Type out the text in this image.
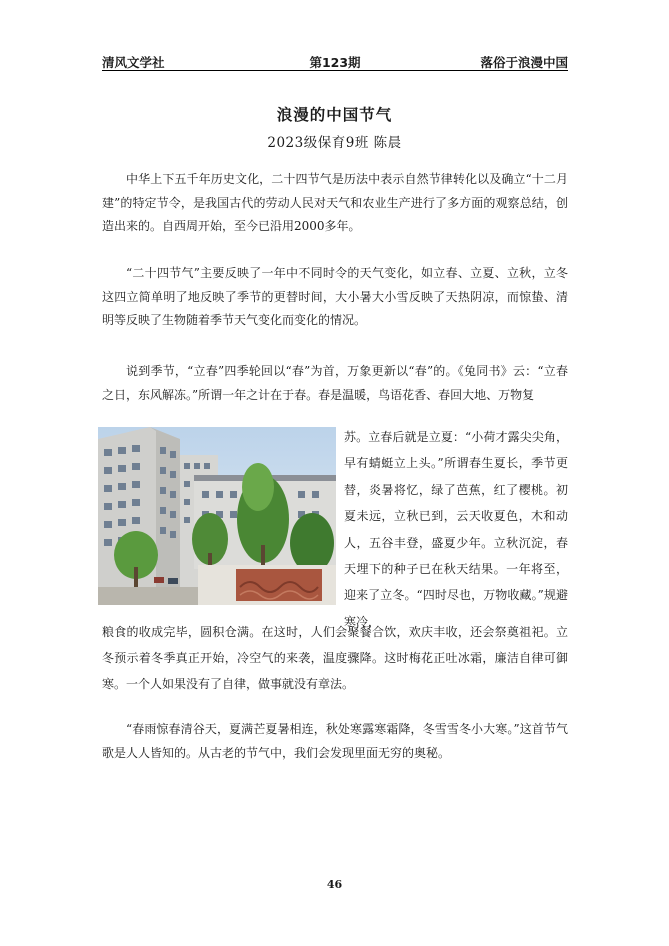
清风文学社	第123期	落俗于浪漫中国
浪漫的中国节气
2023级保育9班 陈晨

中华上下五千年历史文化，二十四节气是历法中表示自然节律转化以及确立“十二月建”的特定节令，是我国古代的劳动人民对天气和农业生产进行了多方面的观察总结，创造出来的。自西周开始，至今已沿用2000多年。

“二十四节气”主要反映了一年中不同时令的天气变化，如立春、立夏、立秋，立冬这四立简单明了地反映了季节的更替时间，大小暑大小雪反映了天热阴凉，而惊蛰、清明等反映了生物随着季节天气变化而变化的情况。

说到季节，“立春”四季轮回以“春”为首，万象更新以“春”的。《兔同书》云：“立春之日，东风解冻。”所谓一年之计在于春。春是温暖，鸟语花香、春回大地、万物复

苏。立春后就是立夏：“小荷才露尖尖角，早有蜻蜓立上头。”所谓春生夏长，季节更替，炎暑将忆，绿了芭蕉，红了樱桃。初夏未远，立秋已到，云天收夏色，木和动人，五谷丰登，盛夏少年。立秋沉淀，春天埋下的种子已在秋天结果。一年将至，迎来了立冬。“四时尽也，万物收藏。”规避寒冷，

粮食的收成完毕，圆积仓满。在这时，人们会聚餐合饮，欢庆丰收，还会祭奠祖祀。立冬预示着冬季真正开始，冷空气的来袭，温度骤降。这时梅花正吐冰霜，廉洁自律可御寒。一个人如果没有了自律，做事就没有章法。

“春雨惊春清谷天，夏满芒夏暑相连，秋处寒露寒霜降，冬雪雪冬小大寒。”这首节气歌是人人皆知的。从古老的节气中，我们会发现里面无穷的奥秘。

46
